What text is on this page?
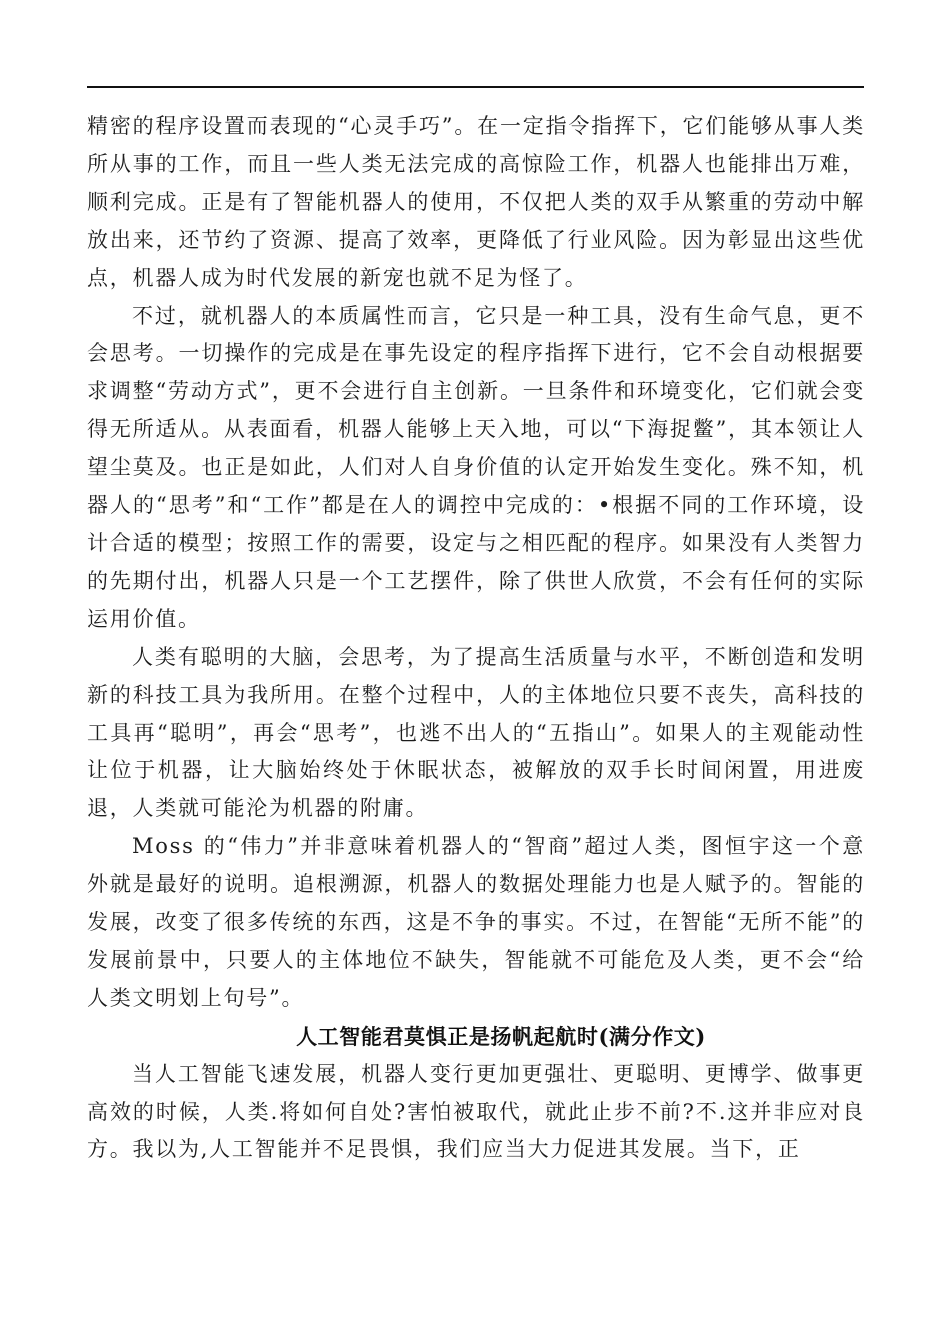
精密的程序设置而表现的“心灵手巧”。在一定指令指挥下，它们能够从事人类所从事的工作，而且一些人类无法完成的高惊险工作，机器人也能排出万难，顺利完成。正是有了智能机器人的使用，不仅把人类的双手从繁重的劳动中解放出来，还节约了资源、提高了效率，更降低了行业风险。因为彰显出这些优点，机器人成为时代发展的新宠也就不足为怪了。

不过，就机器人的本质属性而言，它只是一种工具，没有生命气息，更不会思考。一切操作的完成是在事先设定的程序指挥下进行，它不会自动根据要求调整“劳动方式”，更不会进行自主创新。一旦条件和环境变化，它们就会变得无所适从。从表面看，机器人能够上天入地，可以“下海捉鳖”，其本领让人望尘莫及。也正是如此，人们对人自身价值的认定开始发生变化。殊不知，机器人的“思考”和“工作”都是在人的调控中完成的：•根据不同的工作环境，设计合适的模型；按照工作的需要，设定与之相匹配的程序。如果没有人类智力的先期付出，机器人只是一个工艺摆件，除了供世人欣赏，不会有任何的实际运用价值。

人类有聪明的大脑，会思考，为了提高生活质量与水平，不断创造和发明新的科技工具为我所用。在整个过程中，人的主体地位只要不丧失，高科技的工具再“聪明”，再会“思考”，也逃不出人的“五指山”。如果人的主观能动性让位于机器，让大脑始终处于休眠状态，被解放的双手长时间闲置，用进废退，人类就可能沦为机器的附庸。

Moss 的“伟力”并非意味着机器人的“智商”超过人类，图恒宇这一个意外就是最好的说明。追根溯源，机器人的数据处理能力也是人赋予的。智能的发展，改变了很多传统的东西，这是不争的事实。不过，在智能“无所不能”的发展前景中，只要人的主体地位不缺失，智能就不可能危及人类，更不会“给人类文明划上句号”。

人工智能君莫惧正是扬帆起航时(满分作文)

当人工智能飞速发展，机器人变行更加更强壮、更聪明、更博学、做事更高效的时候，人类.将如何自处?害怕被取代，就此止步不前?不.这并非应对良方。我以为,人工智能并不足畏惧，我们应当大力促进其发展。当下，正
